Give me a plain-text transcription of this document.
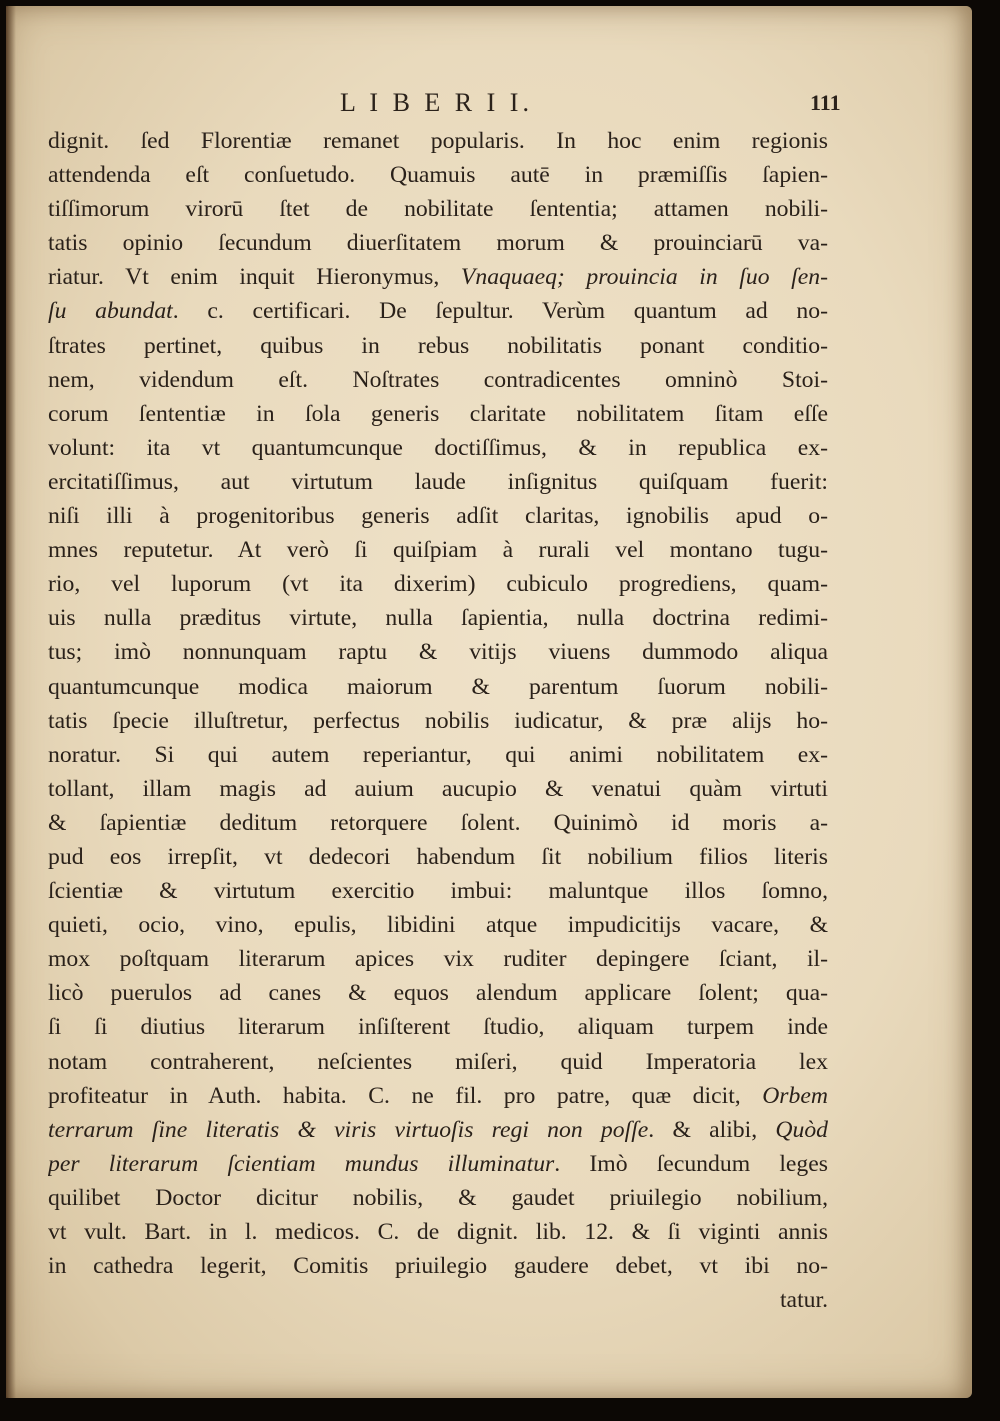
L I B E R I I.	111
dignit. ſed Florentiæ remanet popularis. In hoc enim regionis
attendenda eſt conſuetudo. Quamuis autē in præmiſſis ſapien-
tiſſimorum virorū ſtet de nobilitate ſententia; attamen nobili-
tatis opinio ſecundum diuerſitatem morum & prouinciarū va-
riatur. Vt enim inquit Hieronymus, Vnaquaeq; prouincia in ſuo ſen-
ſu abundat. c. certificari. De ſepultur. Verùm quantum ad no-
ſtrates pertinet, quibus in rebus nobilitatis ponant conditio-
nem, videndum eſt. Noſtrates contradicentes omninò Stoi-
corum ſententiæ in ſola generis claritate nobilitatem ſitam eſſe
volunt: ita vt quantumcunque doctiſſimus, & in republica ex-
ercitatiſſimus, aut virtutum laude inſignitus quiſquam fuerit:
niſi illi à progenitoribus generis adſit claritas, ignobilis apud o-
mnes reputetur. At verò ſi quiſpiam à rurali vel montano tugu-
rio, vel luporum (vt ita dixerim) cubiculo progrediens, quam-
uis nulla præditus virtute, nulla ſapientia, nulla doctrina redimi-
tus; imò nonnunquam raptu & vitijs viuens dummodo aliqua
quantumcunque modica maiorum & parentum ſuorum nobili-
tatis ſpecie illuſtretur, perfectus nobilis iudicatur, & præ alijs ho-
noratur. Si qui autem reperiantur, qui animi nobilitatem ex-
tollant, illam magis ad auium aucupio & venatui quàm virtuti
& ſapientiæ deditum retorquere ſolent. Quinimò id moris a-
pud eos irrepſit, vt dedecori habendum ſit nobilium filios literis
ſcientiæ & virtutum exercitio imbui: maluntque illos ſomno,
quieti, ocio, vino, epulis, libidini atque impudicitijs vacare, &
mox poſtquam literarum apices vix ruditer depingere ſciant, il-
licò puerulos ad canes & equos alendum applicare ſolent; qua-
ſi ſi diutius literarum inſiſterent ſtudio, aliquam turpem inde
notam contraherent, neſcientes miſeri, quid Imperatoria lex
profiteatur in Auth. habita. C. ne fil. pro patre, quæ dicit, Orbem
terrarum ſine literatis & viris virtuoſis regi non poſſe. & alibi, Quòd
per literarum ſcientiam mundus illuminatur. Imò ſecundum leges
quilibet Doctor dicitur nobilis, & gaudet priuilegio nobilium,
vt vult. Bart. in l. medicos. C. de dignit. lib. 12. & ſi viginti annis
in cathedra legerit, Comitis priuilegio gaudere debet, vt ibi no-
tatur.
